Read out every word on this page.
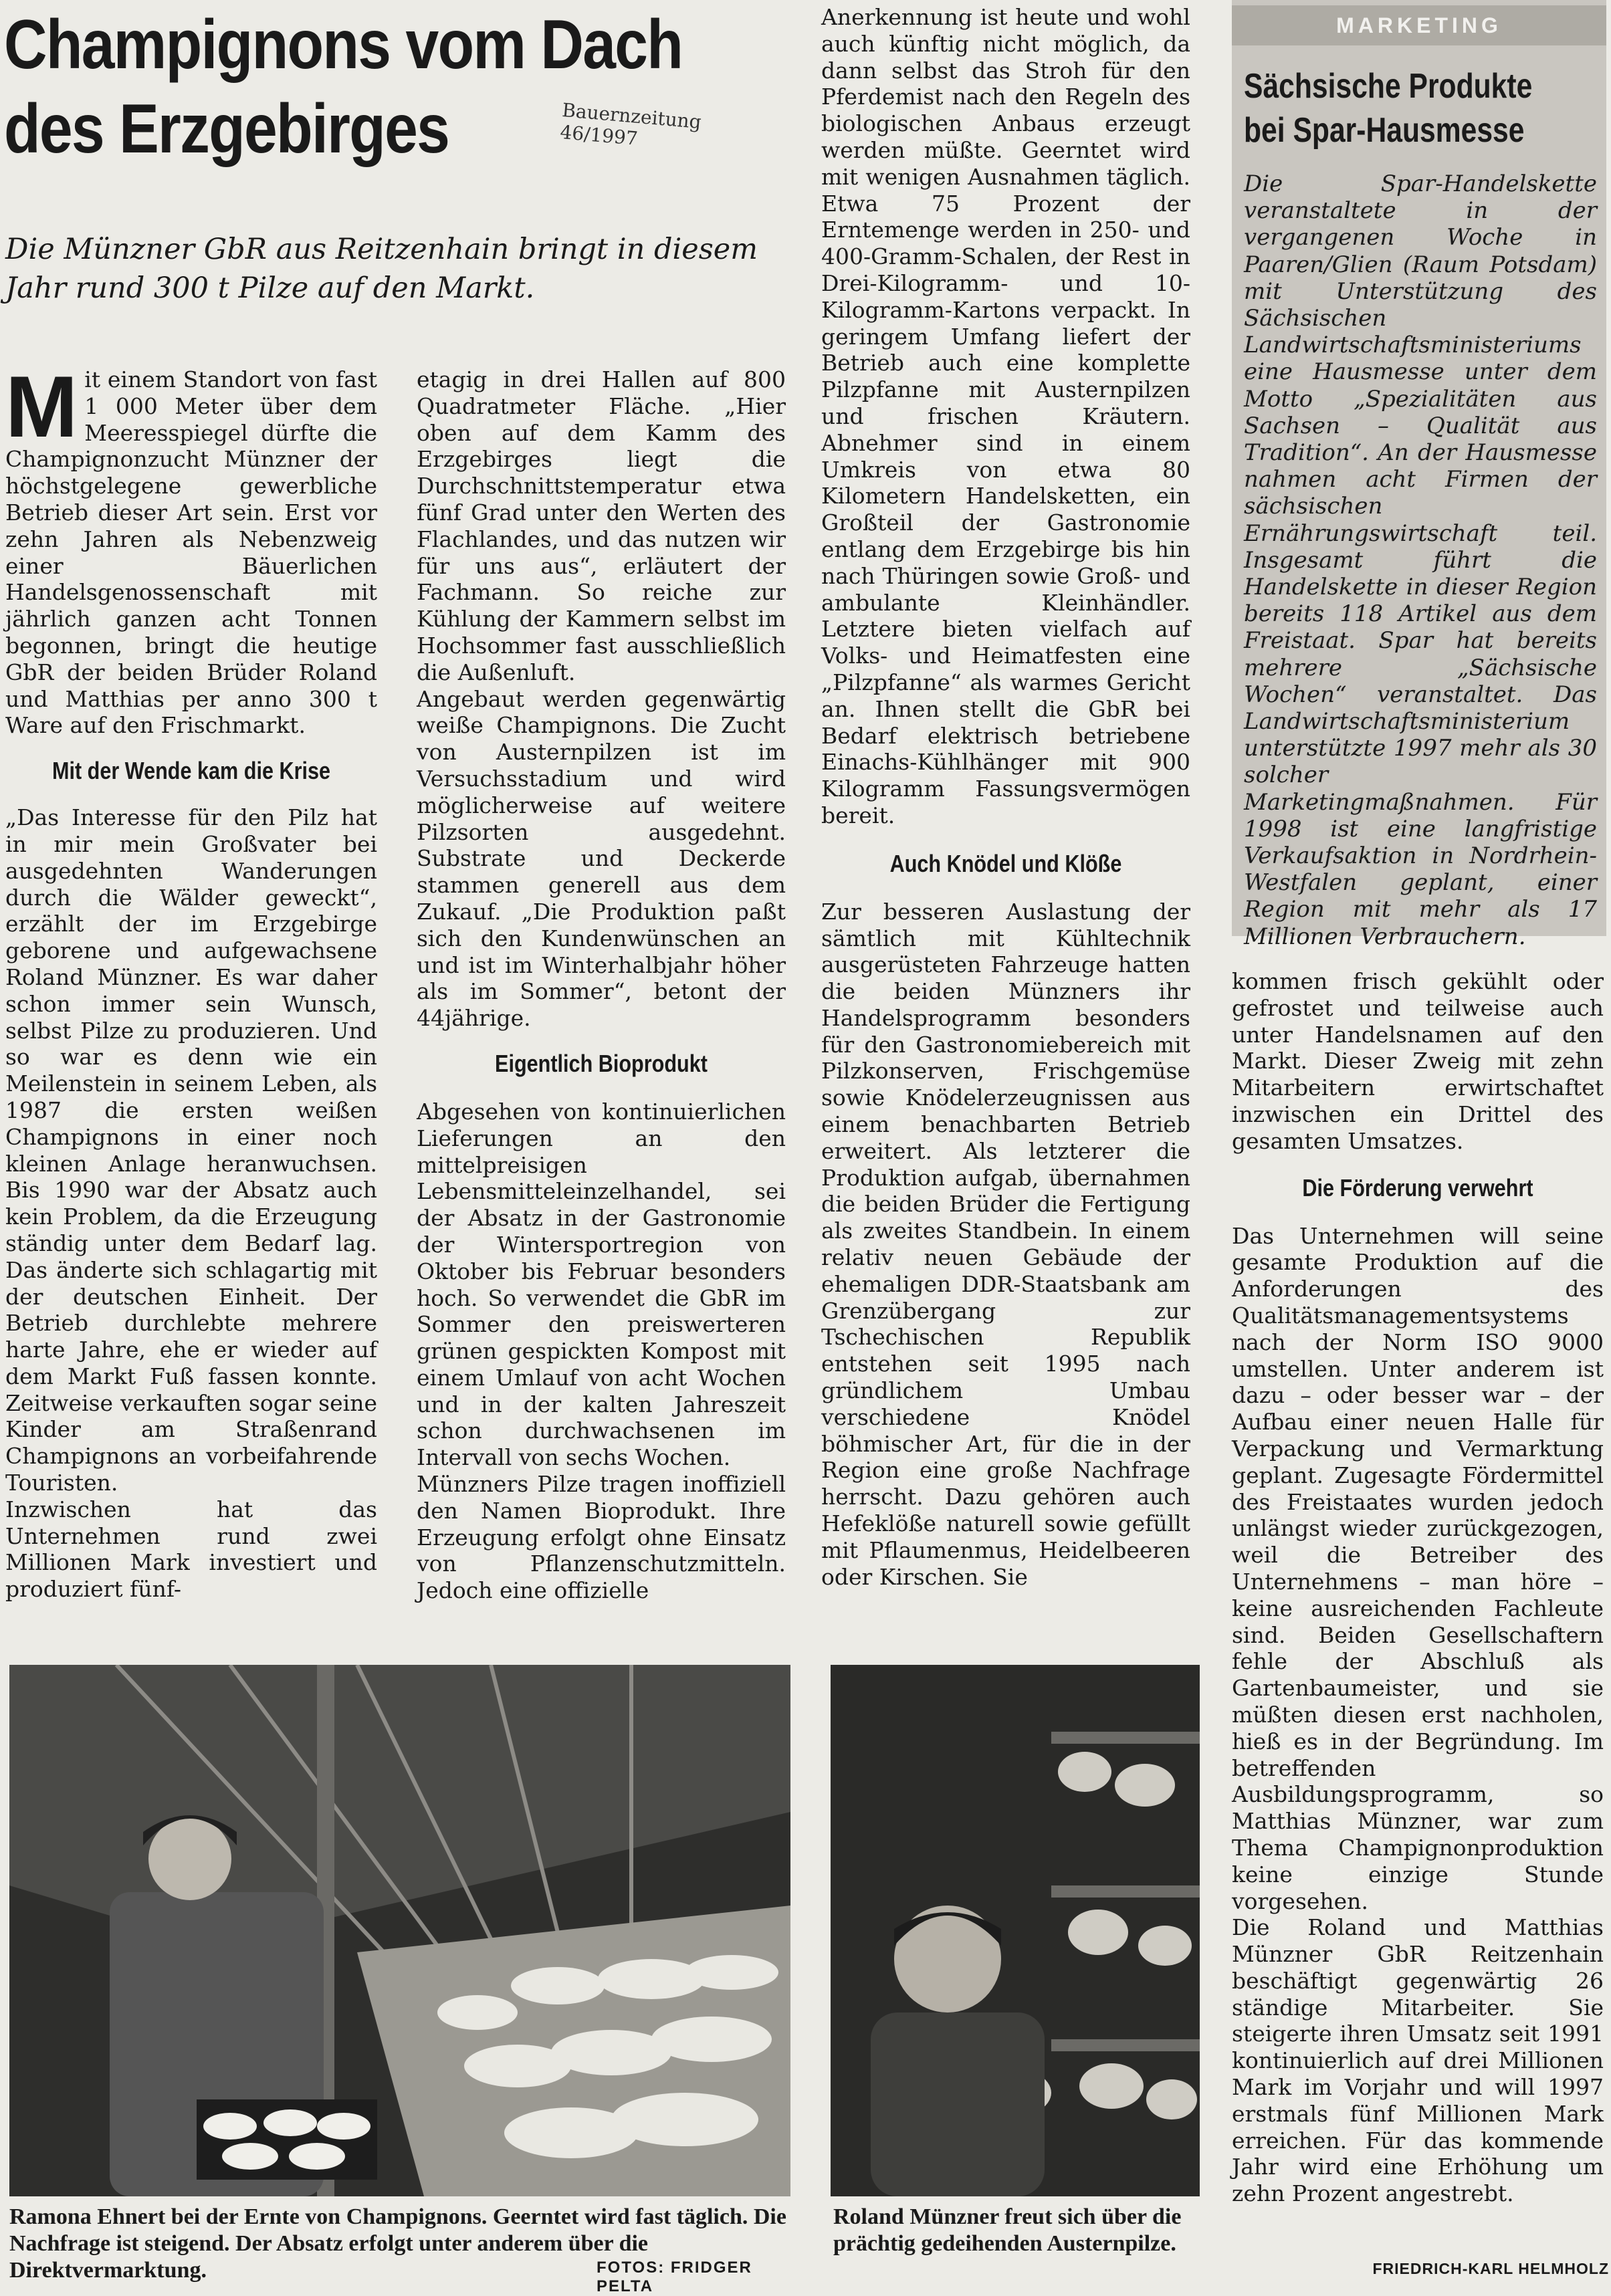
Champignons vom Dach
des Erzgebirges	Bauernzeitung 46/1997
Die Münzner GbR aus Reitzenhain bringt in diesem Jahr rund 300 t Pilze auf den Markt.

Mit einem Standort von fast 1 000 Meter über dem Meeresspiegel dürfte die Champignonzucht Münzner der höchstgelegene gewerbliche Betrieb dieser Art sein. Erst vor zehn Jahren als Nebenzweig einer Bäuerlichen Handelsgenossenschaft mit jährlich ganzen acht Tonnen begonnen, bringt die heutige GbR der beiden Brüder Roland und Matthias per anno 300 t Ware auf den Frischmarkt.

Mit der Wende kam die Krise

„Das Interesse für den Pilz hat in mir mein Großvater bei ausgedehnten Wanderungen durch die Wälder geweckt“, erzählt der im Erzgebirge geborene und aufgewachsene Roland Münzner. Es war daher schon immer sein Wunsch, selbst Pilze zu produzieren. Und so war es denn wie ein Meilenstein in seinem Leben, als 1987 die ersten weißen Champignons in einer noch kleinen Anlage heranwuchsen. Bis 1990 war der Absatz auch kein Problem, da die Erzeugung ständig unter dem Bedarf lag. Das änderte sich schlagartig mit der deutschen Einheit. Der Betrieb durchlebte mehrere harte Jahre, ehe er wieder auf dem Markt Fuß fassen konnte. Zeitweise verkauften sogar seine Kinder am Straßenrand Champignons an vorbeifahrende Touristen.

Inzwischen hat das Unternehmen rund zwei Millionen Mark investiert und produziert fünf-

etagig in drei Hallen auf 800 Quadratmeter Fläche. „Hier oben auf dem Kamm des Erzgebirges liegt die Durchschnittstemperatur etwa fünf Grad unter den Werten des Flachlandes, und das nutzen wir für uns aus“, erläutert der Fachmann. So reiche zur Kühlung der Kammern selbst im Hochsommer fast ausschließlich die Außenluft.

Angebaut werden gegenwärtig weiße Champignons. Die Zucht von Austernpilzen ist im Versuchsstadium und wird möglicherweise auf weitere Pilzsorten ausgedehnt. Substrate und Deckerde stammen generell aus dem Zukauf. „Die Produktion paßt sich den Kundenwünschen an und ist im Winterhalbjahr höher als im Sommer“, betont der 44jährige.

Eigentlich Bioprodukt

Abgesehen von kontinuierlichen Lieferungen an den mittelpreisigen Lebensmitteleinzelhandel, sei der Absatz in der Gastronomie der Wintersportregion von Oktober bis Februar besonders hoch. So verwendet die GbR im Sommer den preiswerteren grünen gespickten Kompost mit einem Umlauf von acht Wochen und in der kalten Jahreszeit schon durchwachsenen im Intervall von sechs Wochen.

Münzners Pilze tragen inoffiziell den Namen Bioprodukt. Ihre Erzeugung erfolgt ohne Einsatz von Pflanzenschutzmitteln. Jedoch eine offizielle

Anerkennung ist heute und wohl auch künftig nicht möglich, da dann selbst das Stroh für den Pferdemist nach den Regeln des biologischen Anbaus erzeugt werden müßte. Geerntet wird mit wenigen Ausnahmen täglich. Etwa 75 Prozent der Erntemenge werden in 250- und 400-Gramm-Schalen, der Rest in Drei-Kilogramm- und 10-Kilogramm-Kartons verpackt. In geringem Umfang liefert der Betrieb auch eine komplette Pilzpfanne mit Austernpilzen und frischen Kräutern. Abnehmer sind in einem Umkreis von etwa 80 Kilometern Handelsketten, ein Großteil der Gastronomie entlang dem Erzgebirge bis hin nach Thüringen sowie Groß- und ambulante Kleinhändler. Letztere bieten vielfach auf Volks- und Heimatfesten eine „Pilzpfanne“ als warmes Gericht an. Ihnen stellt die GbR bei Bedarf elektrisch betriebene Einachs-Kühlhänger mit 900 Kilogramm Fassungsvermögen bereit.

Auch Knödel und Klöße

Zur besseren Auslastung der sämtlich mit Kühltechnik ausgerüsteten Fahrzeuge hatten die beiden Münzners ihr Handelsprogramm besonders für den Gastronomiebereich mit Pilzkonserven, Frischgemüse sowie Knödelerzeugnissen aus einem benachbarten Betrieb erweitert. Als letzterer die Produktion aufgab, übernahmen die beiden Brüder die Fertigung als zweites Standbein. In einem relativ neuen Gebäude der ehemaligen DDR-Staatsbank am Grenzübergang zur Tschechischen Republik entstehen seit 1995 nach gründlichem Umbau verschiedene Knödel böhmischer Art, für die in der Region eine große Nachfrage herrscht. Dazu gehören auch Hefeklöße naturell sowie gefüllt mit Pflaumenmus, Heidelbeeren oder Kirschen. Sie

MARKETING
Sächsische Produkte
bei Spar-Hausmesse
Die Spar-Handelskette veranstaltete in der vergangenen Woche in Paaren/Glien (Raum Potsdam) mit Unterstützung des Sächsischen Landwirtschaftsministeriums eine Hausmesse unter dem Motto „Spezialitäten aus Sachsen – Qualität aus Tradition“. An der Hausmesse nahmen acht Firmen der sächsischen Ernährungswirtschaft teil. Insgesamt führt die Handelskette in dieser Region bereits 118 Artikel aus dem Freistaat. Spar hat bereits mehrere „Sächsische Wochen“ veranstaltet. Das Landwirtschaftsministerium unterstützte 1997 mehr als 30 solcher Marketingmaßnahmen. Für 1998 ist eine langfristige Verkaufsaktion in Nordrhein-Westfalen geplant, einer Region mit mehr als 17 Millionen Verbrauchern.

kommen frisch gekühlt oder gefrostet und teilweise auch unter Handelsnamen auf den Markt. Dieser Zweig mit zehn Mitarbeitern erwirtschaftet inzwischen ein Drittel des gesamten Umsatzes.

Die Förderung verwehrt

Das Unternehmen will seine gesamte Produktion auf die Anforderungen des Qualitätsmanagementsystems nach der Norm ISO 9000 umstellen. Unter anderem ist dazu – oder besser war – der Aufbau einer neuen Halle für Verpackung und Vermarktung geplant. Zugesagte Fördermittel des Freistaates wurden jedoch unlängst wieder zurückgezogen, weil die Betreiber des Unternehmens – man höre – keine ausreichenden Fachleute sind. Beiden Gesellschaftern fehle der Abschluß als Gartenbaumeister, und sie müßten diesen erst nachholen, hieß es in der Begründung. Im betreffenden Ausbildungsprogramm, so Matthias Münzner, war zum Thema Champignonproduktion keine einzige Stunde vorgesehen.

Die Roland und Matthias Münzner GbR Reitzenhain beschäftigt gegenwärtig 26 ständige Mitarbeiter. Sie steigerte ihren Umsatz seit 1991 kontinuierlich auf drei Millionen Mark im Vorjahr und will 1997 erstmals fünf Millionen Mark erreichen. Für das kommende Jahr wird eine Erhöhung um zehn Prozent angestrebt.

FRIEDRICH-KARL HELMHOLZ
Ramona Ehnert bei der Ernte von Champignons. Geerntet wird fast täglich. Die Nachfrage ist steigend. Der Absatz erfolgt unter anderem über die Direktvermarktung.	FOTOS: FRIDGER PELTA
Roland Münzner freut sich über die prächtig gedeihenden Austernpilze.
